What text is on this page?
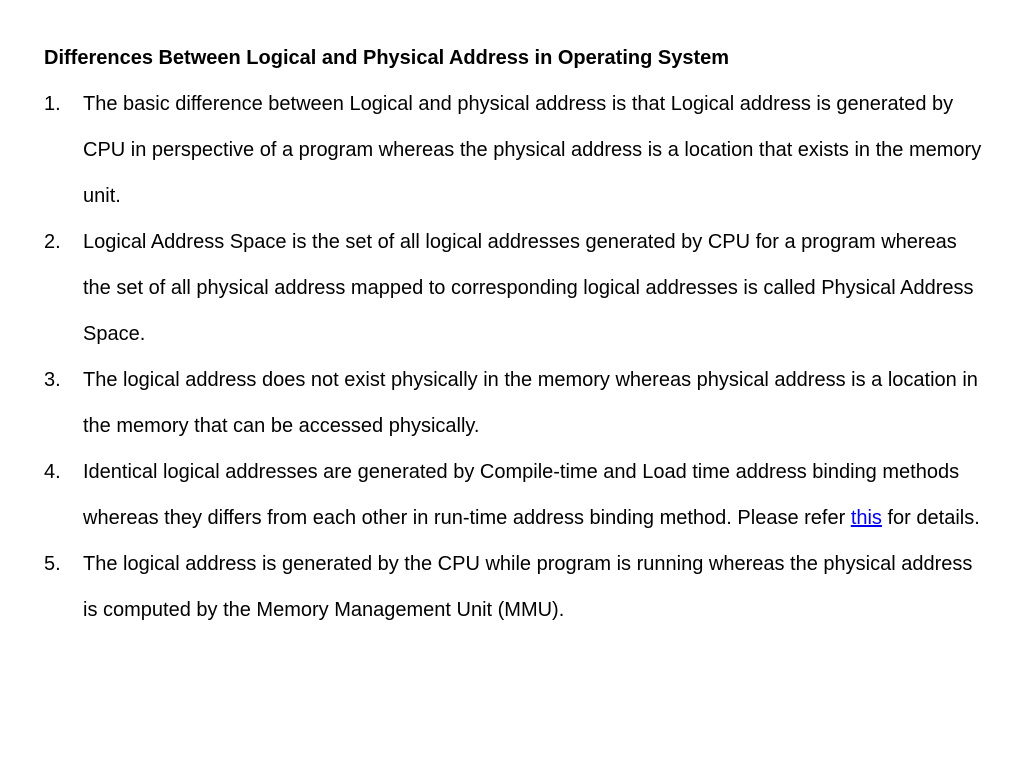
Differences Between Logical and Physical Address in Operating System
1. The basic difference between Logical and physical address is that Logical address is generated by CPU in perspective of a program whereas the physical address is a location that exists in the memory unit.
2. Logical Address Space is the set of all logical addresses generated by CPU for a program whereas the set of all physical address mapped to corresponding logical addresses is called Physical Address Space.
3. The logical address does not exist physically in the memory whereas physical address is a location in the memory that can be accessed physically.
4. Identical logical addresses are generated by Compile-time and Load time address binding methods whereas they differs from each other in run-time address binding method. Please refer this for details.
5. The logical address is generated by the CPU while program is running whereas the physical address is computed by the Memory Management Unit (MMU).
